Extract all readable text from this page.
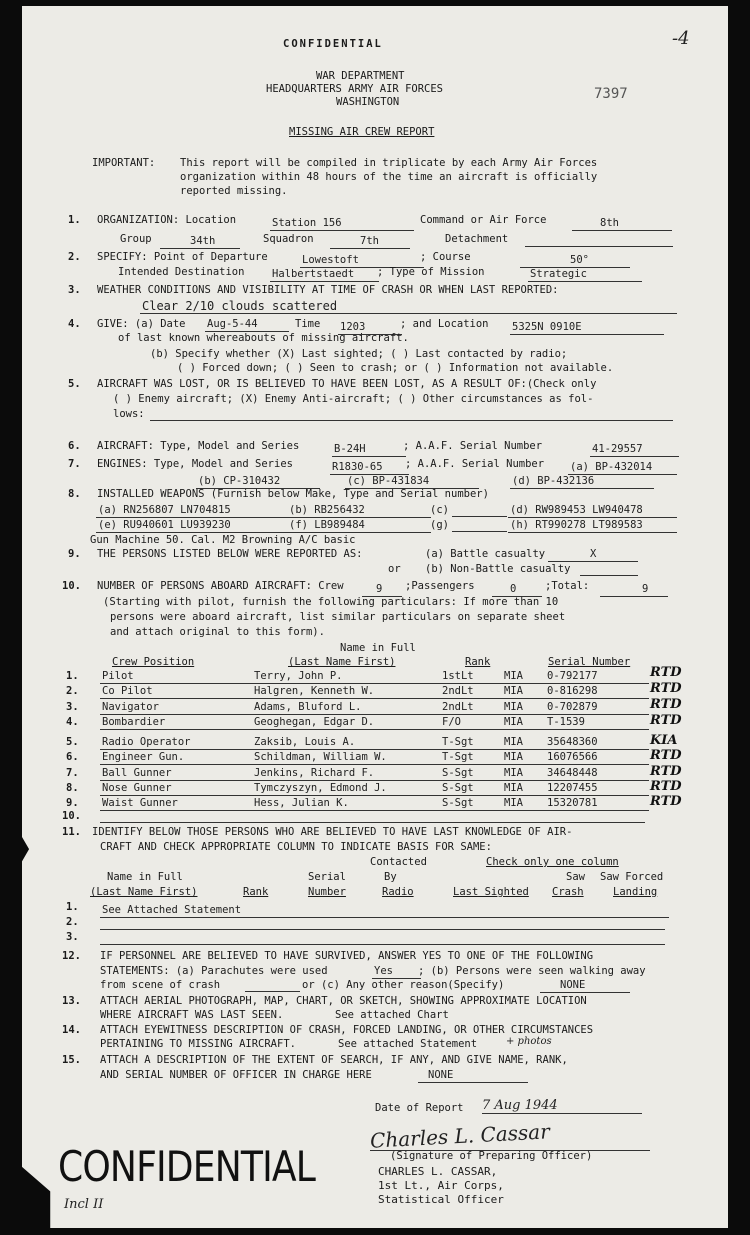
CONFIDENTIAL	-4
WAR DEPARTMENT
HEADQUARTERS ARMY AIR FORCES
WASHINGTON	7397
MISSING AIR CREW REPORT
IMPORTANT: This report will be compiled in triplicate by each Army Air Forces
organization within 48 hours of the time an aircraft is officially
reported missing.
1. ORGANIZATION: Location	Station 156	Command or Air Force	8th
Group	34th	Squadron	7th	Detachment
2. SPECIFY: Point of Departure	Lowestoft	; Course	50°
Intended Destination	Halbertstaedt	; Type of Mission	Strategic
3. WEATHER CONDITIONS AND VISIBILITY AT TIME OF CRASH OR WHEN LAST REPORTED:
Clear 2/10 clouds scattered
4. GIVE: (a) Date Aug-5-44	Time 1203	; and Location 5325N 0910E
of last known whereabouts of missing aircraft.
(b) Specify whether (X) Last sighted; ( ) Last contacted by radio;
( ) Forced down; ( ) Seen to crash; or ( ) Information not available.
5. AIRCRAFT WAS LOST, OR IS BELIEVED TO HAVE BEEN LOST, AS A RESULT OF:(Check only
( ) Enemy aircraft; (X) Enemy Anti-aircraft; ( ) Other circumstances as fol-
lows:
6. AIRCRAFT: Type, Model and Series	B-24H	; A.A.F. Serial Number	41-29557
7. ENGINES: Type, Model and Series	R1830-65	; A.A.F. Serial Number (a) BP-432014
(b) CP-310432	(c) BP-431834	(d) BP-432136
8. INSTALLED WEAPONS (Furnish below Make, Type and Serial number)
(a) RN256807 LN704815	(b) RB256432	(c)	(d) RW989453 LW940478
(e) RU940601 LU939230	(f) LB989484	(g)	(h) RT990278 LT989583
Gun Machine 50. Cal. M2 Browning A/C basic
9. THE PERSONS LISTED BELOW WERE REPORTED AS:	(a) Battle casualty	X
or (b) Non-Battle casualty
10. NUMBER OF PERSONS ABOARD AIRCRAFT: Crew	9	;Passengers	0	;Total:	9
(Starting with pilot, furnish the following particulars: If more than 10
persons were aboard aircraft, list similar particulars on separate sheet
and attach original to this form).
Name in Full
Crew Position	(Last Name First)	Rank	Serial Number
1. Pilot	Terry, John P.	1stLt	MIA	0-792177	RTD
2. Co Pilot	Halgren, Kenneth W.	2ndLt	MIA	0-816298	RTD
3. Navigator	Adams, Bluford L.	2ndLt	MIA	0-702879	RTD
4. Bombardier	Geoghegan, Edgar D.	F/O	MIA	T-1539	RTD
5. Radio Operator	Zaksib, Louis A.	T-Sgt	MIA	35648360	KIA
6. Engineer Gun.	Schildman, William W.	T-Sgt	MIA	16076566	RTD
7. Ball Gunner	Jenkins, Richard F.	S-Sgt	MIA	34648448	RTD
8. Nose Gunner	Tymczyszyn, Edmond J.	S-Sgt	MIA	12207455	RTD
9. Waist Gunner	Hess, Julian K.	S-Sgt	MIA	15320781	RTD
10.
11. IDENTIFY BELOW THOSE PERSONS WHO ARE BELIEVED TO HAVE LAST KNOWLEDGE OF AIR-
CRAFT AND CHECK APPROPRIATE COLUMN TO INDICATE BASIS FOR SAME:
Contacted	Check only one column
Name in Full	Serial	By	Saw Saw Forced
(Last Name First)	Rank	Number	Radio	Last Sighted Crash	Landing
1. See Attached Statement
2.
3.
12. IF PERSONNEL ARE BELIEVED TO HAVE SURVIVED, ANSWER YES TO ONE OF THE FOLLOWING
STATEMENTS: (a) Parachutes were used	Yes	; (b) Persons were seen walking away
from scene of crash	or (c) Any other reason(Specify)	NONE
13. ATTACH AERIAL PHOTOGRAPH, MAP, CHART, OR SKETCH, SHOWING APPROXIMATE LOCATION
WHERE AIRCRAFT WAS LAST SEEN.	See attached Chart
14. ATTACH EYEWITNESS DESCRIPTION OF CRASH, FORCED LANDING, OR OTHER CIRCUMSTANCES
PERTAINING TO MISSING AIRCRAFT.	See attached Statement	+ photos
15. ATTACH A DESCRIPTION OF THE EXTENT OF SEARCH, IF ANY, AND GIVE NAME, RANK,
AND SERIAL NUMBER OF OFFICER IN CHARGE HERE	NONE
Date of Report 7 Aug 1944
Charles L. Cassar
(Signature of Preparing Officer)
CHARLES L. CASSAR,
1st Lt., Air Corps,
Statistical Officer
CONFIDENTIAL
Incl II
